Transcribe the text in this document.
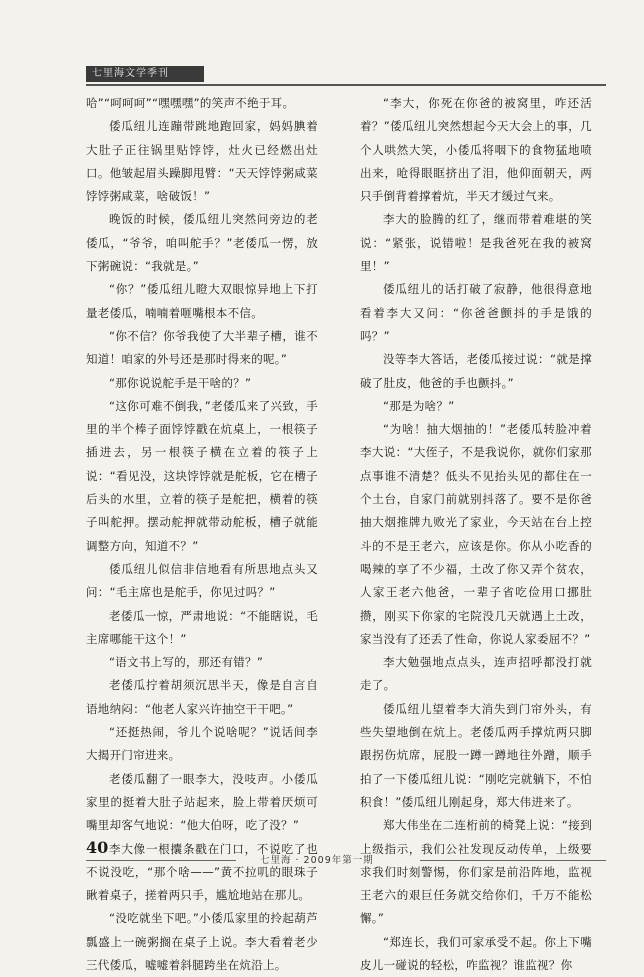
七里海文学季刊

哈”“呵呵呵”“嘿嘿嘿”的笑声不绝于耳。

倭瓜纽儿连蹦带跳地跑回家，妈妈腆着大肚子正往锅里贴饽饽，灶火已经燃出灶口。他皱起眉头躁脚甩臂：“天天饽饽粥咸菜饽饽粥咸菜，啥破饭！”

晚饭的时候，倭瓜纽儿突然问旁边的老倭瓜，“爷爷，咱叫舵手？”老倭瓜一愣，放下粥碗说：“我就是。”

“你？”倭瓜纽儿瞪大双眼惊异地上下打量老倭瓜，喃喃着咂嘴根本不信。

“你不信？你爷我使了大半辈子槽，谁不知道！咱家的外号还是那时得来的呢。”

“那你说说舵手是干啥的？”

“这你可难不倒我，”老倭瓜来了兴致，手里的半个棒子面饽饽戳在炕桌上，一根筷子插进去，另一根筷子横在立着的筷子上说：“看见没，这块饽饽就是舵板，它在槽子后头的水里，立着的筷子是舵把，横着的筷子叫舵押。摆动舵押就带动舵板，槽子就能调整方向，知道不？”

倭瓜纽儿似信非信地看有所思地点头又问：“毛主席也是舵手，你见过吗？”

老倭瓜一惊，严肃地说：“不能瞎说，毛主席哪能干这个！”

“语文书上写的，那还有错？”

老倭瓜拧着胡须沉思半天，像是自言自语地纳闷：“他老人家兴许抽空干干吧。”

“还挺热闹，爷儿个说啥呢？”说话间李大揭开门帘进来。

老倭瓜翻了一眼李大，没吱声。小倭瓜家里的挺着大肚子站起来，脸上带着厌烦可嘴里却客气地说：“他大伯呀，吃了没？”

李大像一根攮条戳在门口，不说吃了也不说没吃，“那个啥——”黄不拉叽的眼珠子瞅着桌子，搓着两只手，尴尬地站在那儿。

“没吃就坐下吧。”小倭瓜家里的拎起葫芦瓢盛上一碗粥搁在桌子上说。李大看着老少三代倭瓜，嘘嘘着斜腿跨坐在炕沿上。

“李大，你死在你爸的被窝里，咋还活着？”倭瓜纽儿突然想起今天大会上的事，几个人哄然大笑，小倭瓜将咽下的食物猛地喷出来，呛得眼眶挤出了泪，他仰面朝天，两只手倒背着撑着炕，半天才缓过气来。

李大的脸腾的红了，继而带着难堪的笑说：“紧张，说错啦！是我爸死在我的被窝里！”

倭瓜纽儿的话打破了寂静，他很得意地看着李大又问：“你爸爸颤抖的手是饿的吗？”

没等李大答话，老倭瓜接过说：“就是撑破了肚皮，他爸的手也颤抖。”

“那是为啥？”

“为啥！抽大烟抽的！”老倭瓜转脸冲着李大说：“大侄子，不是我说你，就你们家那点事谁不清楚？低头不见抬头见的都住在一个土台，自家门前就别抖落了。要不是你爸抽大烟推牌九败光了家业，今天站在台上控斗的不是王老六，应该是你。你从小吃香的喝辣的享了不少福，土改了你又弄个贫农，人家王老六他爸，一辈子省吃俭用口挪肚攒，刚买下你家的宅院没几天就遇上土改，家当没有了还丢了性命，你说人家委屈不？”

李大勉强地点点头，连声招呼都没打就走了。

倭瓜纽儿望着李大消失到门帘外头，有些失望地倒在炕上。老倭瓜两手撑炕两只脚跟拐伤炕席，屁股一蹲一蹲地往外蹭，顺手拍了一下倭瓜纽儿说：“刚吃完就躺下，不怕积食！”倭瓜纽儿刚起身，郑大伟进来了。

郑大伟坐在二连桁前的椅凳上说：“接到上级指示，我们公社发现反动传单，上级要求我们时刻警惕，你们家是前沿阵地，监视王老六的艰巨任务就交给你们，千万不能松懈。”

“郑连长，我们可家承受不起。你上下嘴皮儿一碰说的轻松，咋监视？谁监视？你

40
七里海 · 2009年第一期
